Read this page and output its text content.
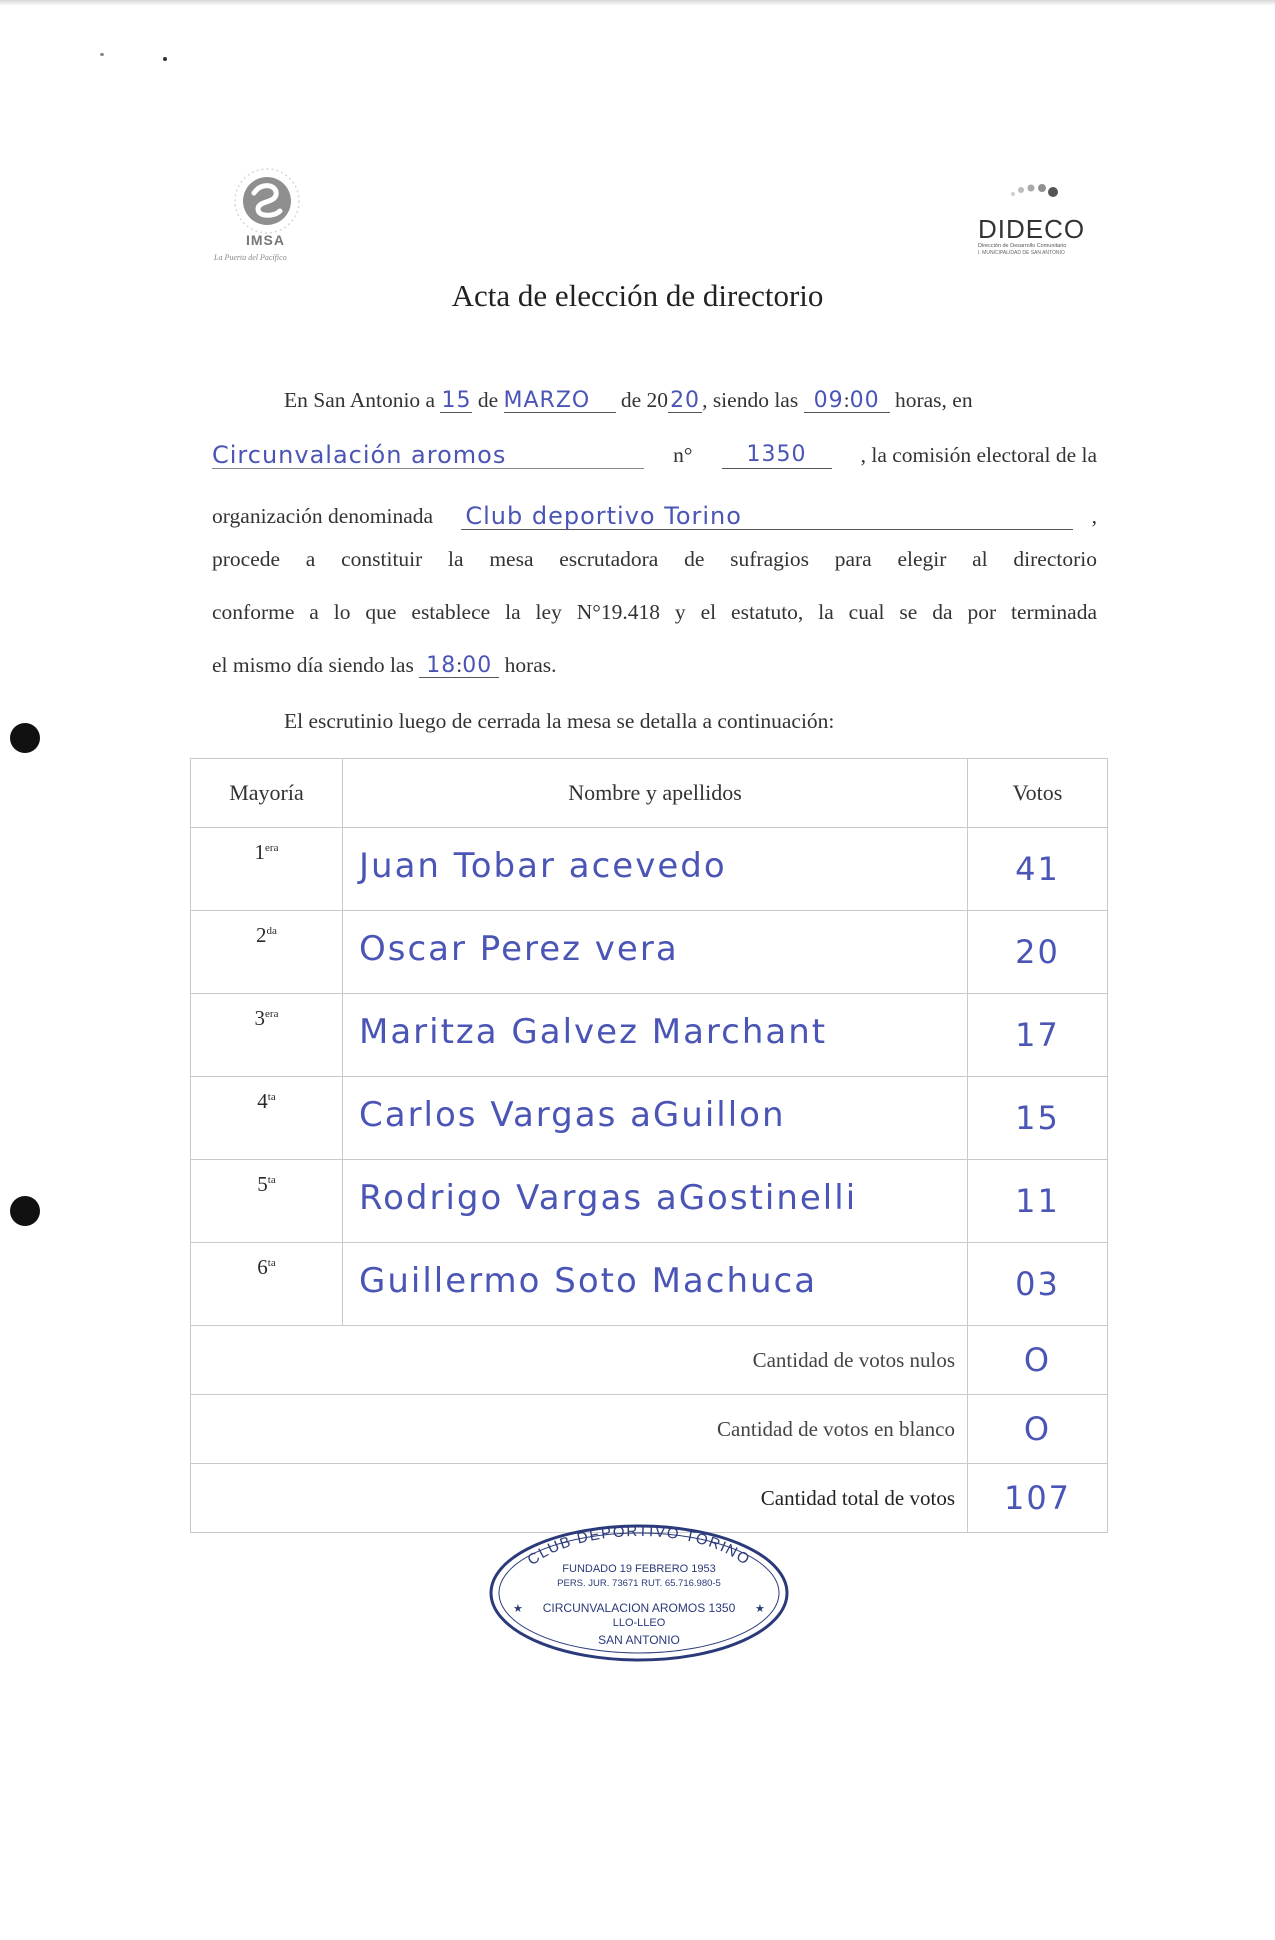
IMSA
La Puerta del Pacífico
DIDECO
Dirección de Desarrollo Comunitario
I. MUNICIPALIDAD DE SAN ANTONIO
Acta de elección de directorio
En San Antonio a 15 de MARZO de 2020, siendo las 09:00 horas, en
Circunvalación aromos	n°	1350	, la comisión electoral de la
organización denominada Club deportivo Torino	,
procede a constituir la mesa escrutadora de sufragios para elegir al directorio
conforme a lo que establece la ley N°19.418 y el estatuto, la cual se da por terminada
el mismo día siendo las 18:00 horas.
El escrutinio luego de cerrada la mesa se detalla a continuación:
Mayoría	Nombre y apellidos	Votos
$1^{era}$	Juan Tobar acevedo	41
$2^{da}$	Oscar Perez vera	20
$3^{era}$	Maritza Galvez Marchant	17
$4^{ta}$	Carlos Vargas aGuillon	15
$5^{ta}$	Rodrigo Vargas aGostinelli	11
$6^{ta}$	Guillermo Soto Machuca	03
Cantidad de votos nulos		O
Cantidad de votos en blanco		O
Cantidad total de votos		107
CLUB DEPORTIVO TORINO
FUNDADO 19 FEBRERO 1953
PERS. JUR. 73671 RUT. 65.716.980-5
★ CIRCUNVALACION AROMOS 1350 ★
LLO-LLEO
SAN ANTONIO
